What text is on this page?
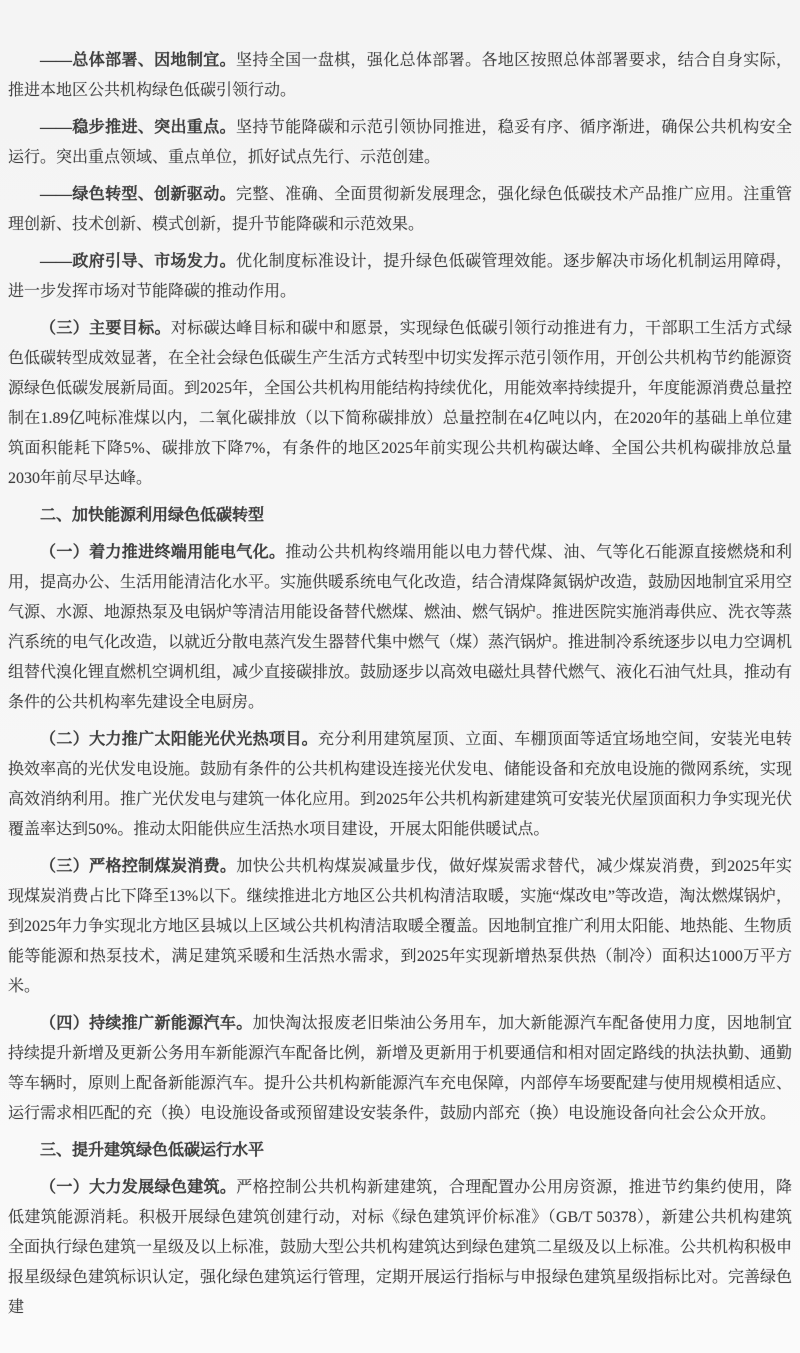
——总体部署、因地制宜。坚持全国一盘棋，强化总体部署。各地区按照总体部署要求，结合自身实际，推进本地区公共机构绿色低碳引领行动。

——稳步推进、突出重点。坚持节能降碳和示范引领协同推进，稳妥有序、循序渐进，确保公共机构安全运行。突出重点领域、重点单位，抓好试点先行、示范创建。

——绿色转型、创新驱动。完整、准确、全面贯彻新发展理念，强化绿色低碳技术产品推广应用。注重管理创新、技术创新、模式创新，提升节能降碳和示范效果。

——政府引导、市场发力。优化制度标准设计，提升绿色低碳管理效能。逐步解决市场化机制运用障碍，进一步发挥市场对节能降碳的推动作用。

（三）主要目标。对标碳达峰目标和碳中和愿景，实现绿色低碳引领行动推进有力，干部职工生活方式绿色低碳转型成效显著，在全社会绿色低碳生产生活方式转型中切实发挥示范引领作用，开创公共机构节约能源资源绿色低碳发展新局面。到2025年，全国公共机构用能结构持续优化，用能效率持续提升，年度能源消费总量控制在1.89亿吨标准煤以内，二氧化碳排放（以下简称碳排放）总量控制在4亿吨以内，在2020年的基础上单位建筑面积能耗下降5%、碳排放下降7%，有条件的地区2025年前实现公共机构碳达峰、全国公共机构碳排放总量2030年前尽早达峰。

二、加快能源利用绿色低碳转型

（一）着力推进终端用能电气化。推动公共机构终端用能以电力替代煤、油、气等化石能源直接燃烧和利用，提高办公、生活用能清洁化水平。实施供暖系统电气化改造，结合清煤降氮锅炉改造，鼓励因地制宜采用空气源、水源、地源热泵及电锅炉等清洁用能设备替代燃煤、燃油、燃气锅炉。推进医院实施消毒供应、洗衣等蒸汽系统的电气化改造，以就近分散电蒸汽发生器替代集中燃气（煤）蒸汽锅炉。推进制冷系统逐步以电力空调机组替代溴化锂直燃机空调机组，减少直接碳排放。鼓励逐步以高效电磁灶具替代燃气、液化石油气灶具，推动有条件的公共机构率先建设全电厨房。

（二）大力推广太阳能光伏光热项目。充分利用建筑屋顶、立面、车棚顶面等适宜场地空间，安装光电转换效率高的光伏发电设施。鼓励有条件的公共机构建设连接光伏发电、储能设备和充放电设施的微网系统，实现高效消纳利用。推广光伏发电与建筑一体化应用。到2025年公共机构新建建筑可安装光伏屋顶面积力争实现光伏覆盖率达到50%。推动太阳能供应生活热水项目建设，开展太阳能供暖试点。

（三）严格控制煤炭消费。加快公共机构煤炭减量步伐，做好煤炭需求替代，减少煤炭消费，到2025年实现煤炭消费占比下降至13%以下。继续推进北方地区公共机构清洁取暖，实施“煤改电”等改造，淘汰燃煤锅炉，到2025年力争实现北方地区县城以上区域公共机构清洁取暖全覆盖。因地制宜推广利用太阳能、地热能、生物质能等能源和热泵技术，满足建筑采暖和生活热水需求，到2025年实现新增热泵供热（制冷）面积达1000万平方米。

（四）持续推广新能源汽车。加快淘汰报废老旧柴油公务用车，加大新能源汽车配备使用力度，因地制宜持续提升新增及更新公务用车新能源汽车配备比例，新增及更新用于机要通信和相对固定路线的执法执勤、通勤等车辆时，原则上配备新能源汽车。提升公共机构新能源汽车充电保障，内部停车场要配建与使用规模相适应、运行需求相匹配的充（换）电设施设备或预留建设安装条件，鼓励内部充（换）电设施设备向社会公众开放。

三、提升建筑绿色低碳运行水平

（一）大力发展绿色建筑。严格控制公共机构新建建筑，合理配置办公用房资源，推进节约集约使用，降低建筑能源消耗。积极开展绿色建筑创建行动，对标《绿色建筑评价标准》（GB/T 50378），新建公共机构建筑全面执行绿色建筑一星级及以上标准，鼓励大型公共机构建筑达到绿色建筑二星级及以上标准。公共机构积极申报星级绿色建筑标识认定，强化绿色建筑运行管理，定期开展运行指标与申报绿色建筑星级指标比对。完善绿色建
